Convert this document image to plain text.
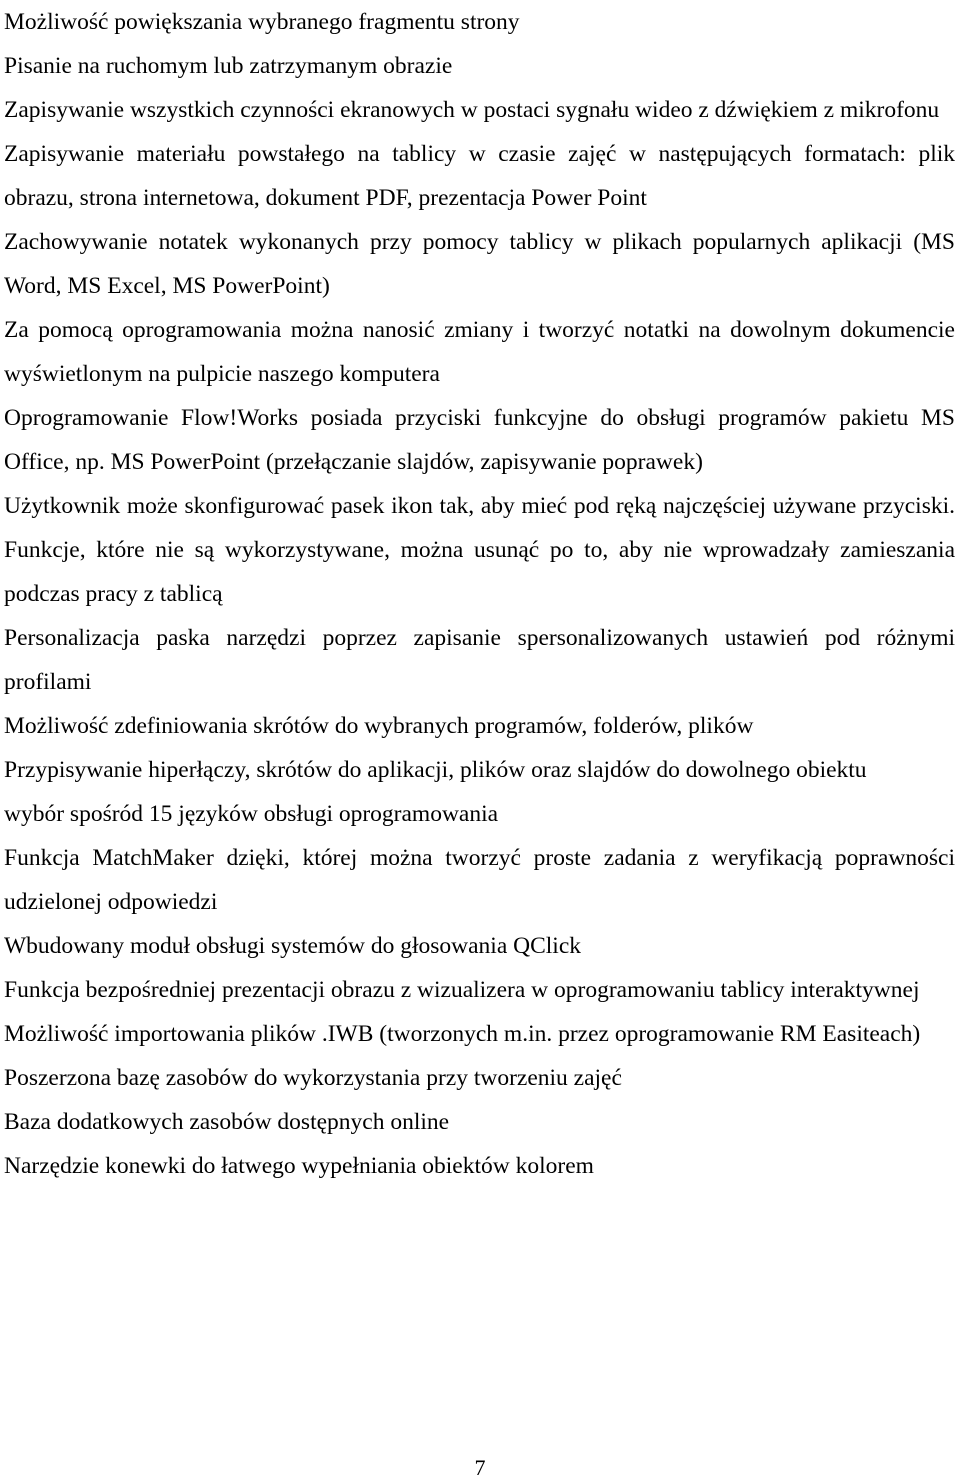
Możliwość powiększania wybranego fragmentu strony

Pisanie na ruchomym lub zatrzymanym obrazie

Zapisywanie wszystkich czynności ekranowych w postaci sygnału wideo z dźwiękiem z mikrofonu

Zapisywanie materiału powstałego na tablicy w czasie zajęć w następujących formatach: plik obrazu, strona internetowa, dokument PDF, prezentacja Power Point

Zachowywanie notatek wykonanych przy pomocy tablicy w plikach popularnych aplikacji (MS Word, MS Excel, MS PowerPoint)

Za pomocą oprogramowania można nanosić zmiany i tworzyć notatki na dowolnym dokumencie wyświetlonym na pulpicie naszego komputera

Oprogramowanie Flow!Works posiada przyciski funkcyjne do obsługi programów pakietu MS Office, np. MS PowerPoint (przełączanie slajdów, zapisywanie poprawek)

Użytkownik może skonfigurować pasek ikon tak, aby mieć pod ręką najczęściej używane przyciski. Funkcje, które nie są wykorzystywane, można usunąć po to, aby nie wprowadzały zamieszania podczas pracy z tablicą

Personalizacja paska narzędzi poprzez zapisanie spersonalizowanych ustawień pod różnymi profilami

Możliwość zdefiniowania skrótów do wybranych programów, folderów, plików

Przypisywanie hiperłączy, skrótów do aplikacji, plików oraz slajdów do dowolnego obiektu

wybór spośród 15 języków obsługi oprogramowania

Funkcja MatchMaker dzięki, której można tworzyć proste zadania z weryfikacją poprawności udzielonej odpowiedzi

Wbudowany moduł obsługi systemów do głosowania QClick

Funkcja bezpośredniej prezentacji obrazu z wizualizera w oprogramowaniu tablicy interaktywnej

Możliwość importowania plików .IWB (tworzonych m.in. przez oprogramowanie RM Easiteach)

Poszerzona bazę zasobów do wykorzystania przy tworzeniu zajęć

Baza dodatkowych zasobów dostępnych online

Narzędzie konewki do łatwego wypełniania obiektów kolorem

7
